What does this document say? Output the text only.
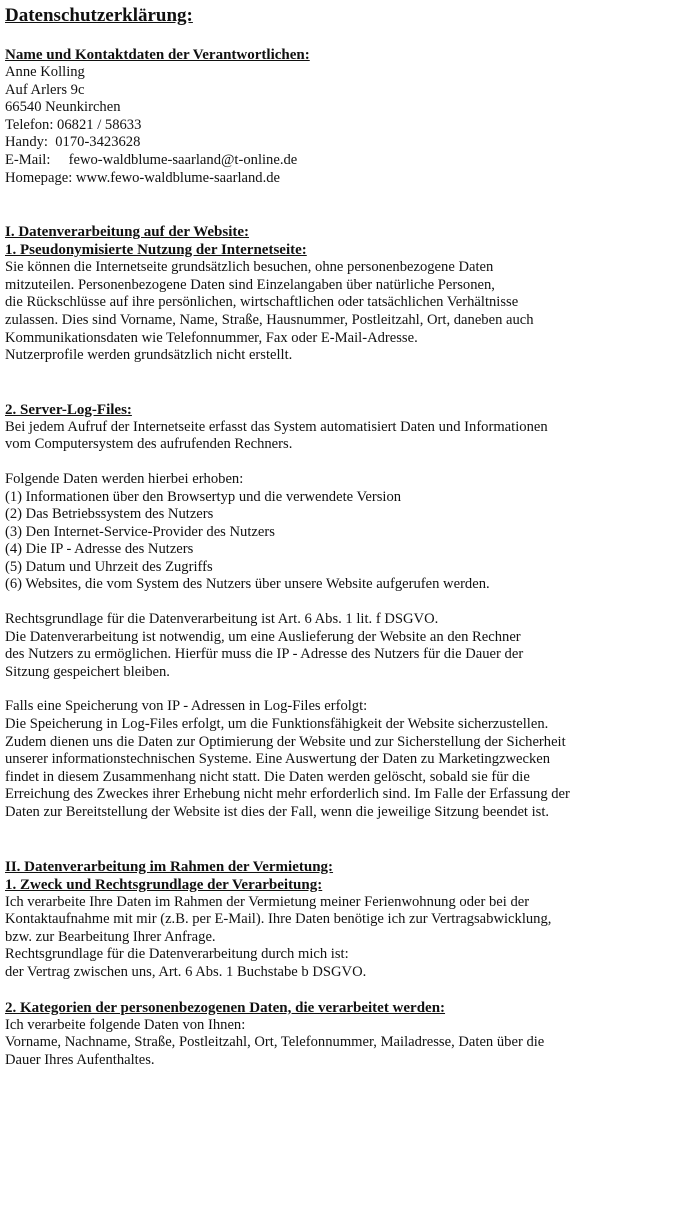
Datenschutzerklärung:
Name und Kontaktdaten der Verantwortlichen:
Anne Kolling
Auf Arlers 9c
66540 Neunkirchen
Telefon: 06821 / 58633
Handy:  0170-3423628
E-Mail:     fewo-waldblume-saarland@t-online.de
Homepage: www.fewo-waldblume-saarland.de
I. Datenverarbeitung auf der Website:
1. Pseudonymisierte Nutzung der Internetseite:
Sie können die Internetseite grundsätzlich besuchen, ohne personenbezogene Daten
mitzuteilen. Personenbezogene Daten sind Einzelangaben über natürliche Personen,
die Rückschlüsse auf ihre persönlichen, wirtschaftlichen oder tatsächlichen Verhältnisse
zulassen. Dies sind Vorname, Name, Straße, Hausnummer, Postleitzahl, Ort, daneben auch
Kommunikationsdaten wie Telefonnummer, Fax oder E-Mail-Adresse.
Nutzerprofile werden grundsätzlich nicht erstellt.
2. Server-Log-Files:
Bei jedem Aufruf der Internetseite erfasst das System automatisiert Daten und Informationen
vom Computersystem des aufrufenden Rechners.
Folgende Daten werden hierbei erhoben:
(1) Informationen über den Browsertyp und die verwendete Version
(2) Das Betriebssystem des Nutzers
(3) Den Internet-Service-Provider des Nutzers
(4) Die IP - Adresse des Nutzers
(5) Datum und Uhrzeit des Zugriffs
(6) Websites, die vom System des Nutzers über unsere Website aufgerufen werden.
Rechtsgrundlage für die Datenverarbeitung ist Art. 6 Abs. 1 lit. f DSGVO.
Die Datenverarbeitung ist notwendig, um eine Auslieferung der Website an den Rechner
des Nutzers zu ermöglichen. Hierfür muss die IP - Adresse des Nutzers für die Dauer der
Sitzung gespeichert bleiben.
Falls eine Speicherung von IP - Adressen in Log-Files erfolgt:
Die Speicherung in Log-Files erfolgt, um die Funktionsfähigkeit der Website sicherzustellen.
Zudem dienen uns die Daten zur Optimierung der Website und zur Sicherstellung der Sicherheit
unserer informationstechnischen Systeme. Eine Auswertung der Daten zu Marketingzwecken
findet in diesem Zusammenhang nicht statt. Die Daten werden gelöscht, sobald sie für die
Erreichung des Zweckes ihrer Erhebung nicht mehr erforderlich sind. Im Falle der Erfassung der
Daten zur Bereitstellung der Website ist dies der Fall, wenn die jeweilige Sitzung beendet ist.
II. Datenverarbeitung im Rahmen der Vermietung:
1. Zweck und Rechtsgrundlage der Verarbeitung:
Ich verarbeite Ihre Daten im Rahmen der Vermietung meiner Ferienwohnung oder bei der
Kontaktaufnahme mit mir (z.B. per E-Mail). Ihre Daten benötige ich zur Vertragsabwicklung,
bzw. zur Bearbeitung Ihrer Anfrage.
Rechtsgrundlage für die Datenverarbeitung durch mich ist:
der Vertrag zwischen uns, Art. 6 Abs. 1 Buchstabe b DSGVO.
2. Kategorien der personenbezogenen Daten, die verarbeitet werden:
Ich verarbeite folgende Daten von Ihnen:
Vorname, Nachname, Straße, Postleitzahl, Ort, Telefonnummer, Mailadresse, Daten über die
Dauer Ihres Aufenthaltes.
